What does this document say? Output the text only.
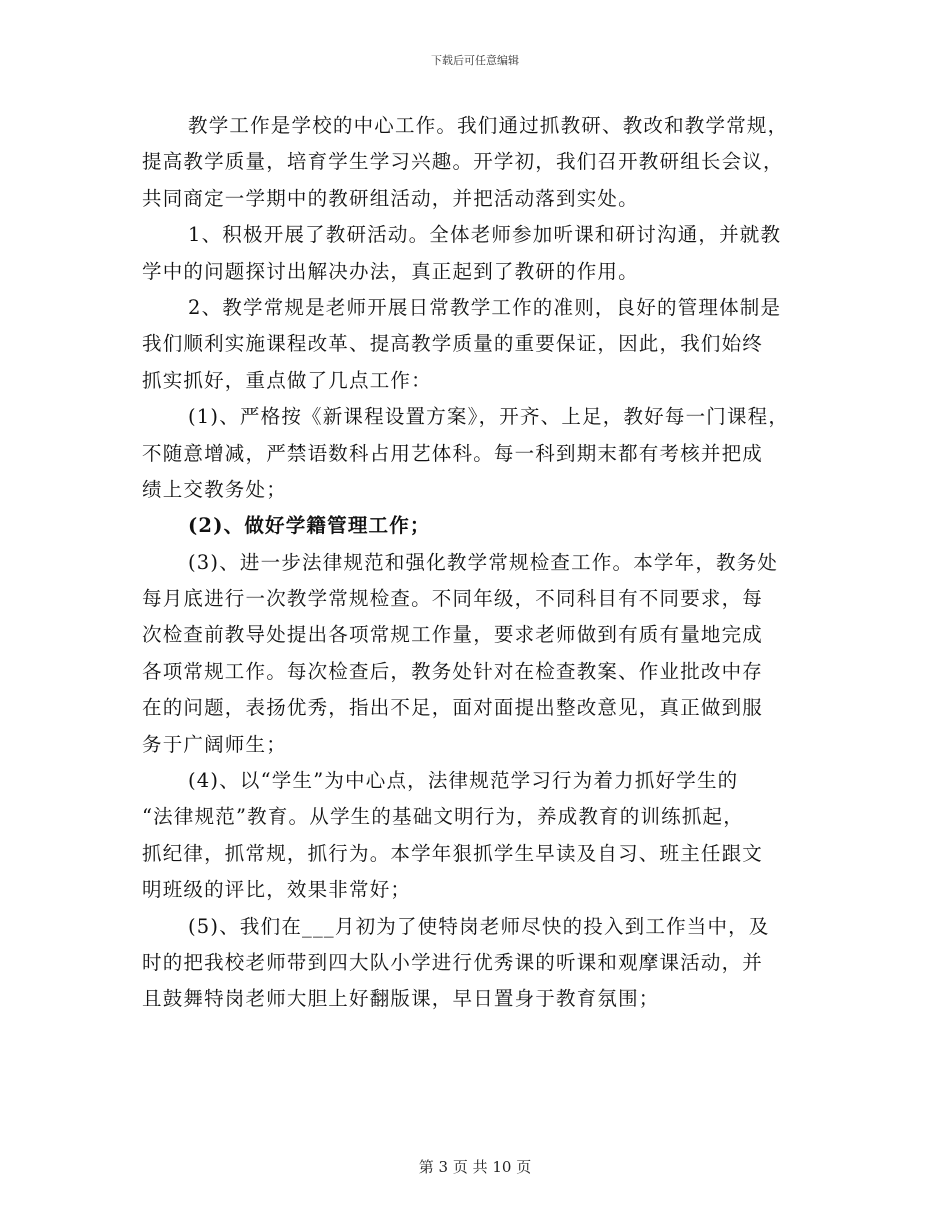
下载后可任意编辑
教学工作是学校的中心工作。我们通过抓教研、教改和教学常规，
提高教学质量，培育学生学习兴趣。开学初，我们召开教研组长会议，
共同商定一学期中的教研组活动，并把活动落到实处。
1、积极开展了教研活动。全体老师参加听课和研讨沟通，并就教
学中的问题探讨出解决办法，真正起到了教研的作用。
2、教学常规是老师开展日常教学工作的准则，良好的管理体制是
我们顺利实施课程改革、提高教学质量的重要保证，因此，我们始终
抓实抓好，重点做了几点工作：
(1)、严格按《新课程设置方案》，开齐、上足，教好每一门课程，
不随意增减，严禁语数科占用艺体科。每一科到期末都有考核并把成
绩上交教务处；
(2)、做好学籍管理工作；
(3)、进一步法律规范和强化教学常规检查工作。本学年，教务处
每月底进行一次教学常规检查。不同年级，不同科目有不同要求，每
次检查前教导处提出各项常规工作量，要求老师做到有质有量地完成
各项常规工作。每次检查后，教务处针对在检查教案、作业批改中存
在的问题，表扬优秀，指出不足，面对面提出整改意见，真正做到服
务于广阔师生；
(4)、以“学生”为中心点，法律规范学习行为着力抓好学生的
“法律规范”教育。从学生的基础文明行为，养成教育的训练抓起，
抓纪律，抓常规，抓行为。本学年狠抓学生早读及自习、班主任跟文
明班级的评比，效果非常好；
(5)、我们在___月初为了使特岗老师尽快的投入到工作当中，及
时的把我校老师带到四大队小学进行优秀课的听课和观摩课活动，并
且鼓舞特岗老师大胆上好翻版课，早日置身于教育氛围；
第 3 页 共 10 页
